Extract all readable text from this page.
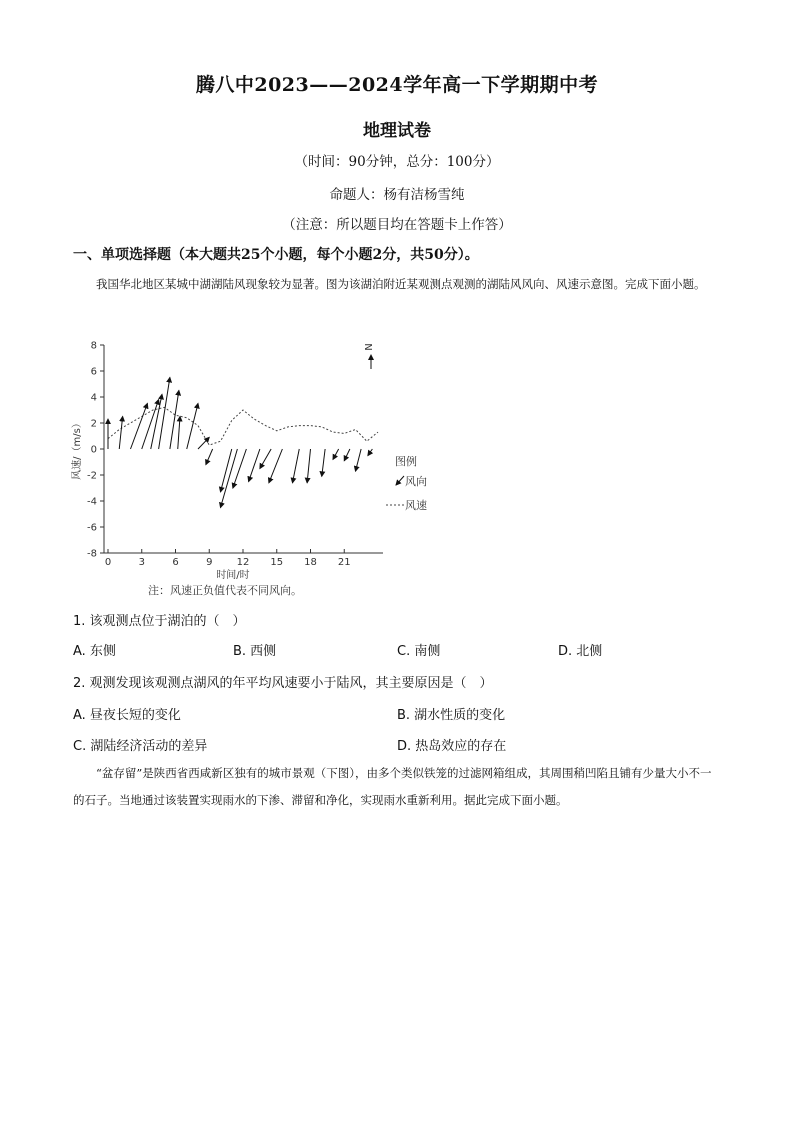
腾八中2023——2024学年高一下学期期中考
地理试卷
（时间：90分钟，总分：100分）
命题人：杨有洁杨雪纯
（注意：所以题目均在答题卡上作答）
一、单项选择题（本大题共25个小题，每个小题2分，共50分）。
我国华北地区某城中湖湖陆风现象较为显著。图为该湖泊附近某观测点观测的湖陆风风向、风速示意图。完成下面小题。
8
6
4
2
0
-2
-4
-6
-8
0	3	6	9 12 15 18 21
时间/时
风速/（m/s）
N
图例
风向
风速
注：风速正负值代表不同风向。
1. 该观测点位于湖泊的（　）
A. 东侧	B. 西侧	C. 南侧	D. 北侧
2. 观测发现该观测点湖风的年平均风速要小于陆风，其主要原因是（　）
A. 昼夜长短的变化	B. 湖水性质的变化
C. 湖陆经济活动的差异	D. 热岛效应的存在
“盆存留”是陕西省西咸新区独有的城市景观（下图），由多个类似铁笼的过滤网箱组成，其周围稍凹陷且铺有少量大小不一的石子。当地通过该装置实现雨水的下渗、滞留和净化，实现雨水重新利用。据此完成下面小题。
